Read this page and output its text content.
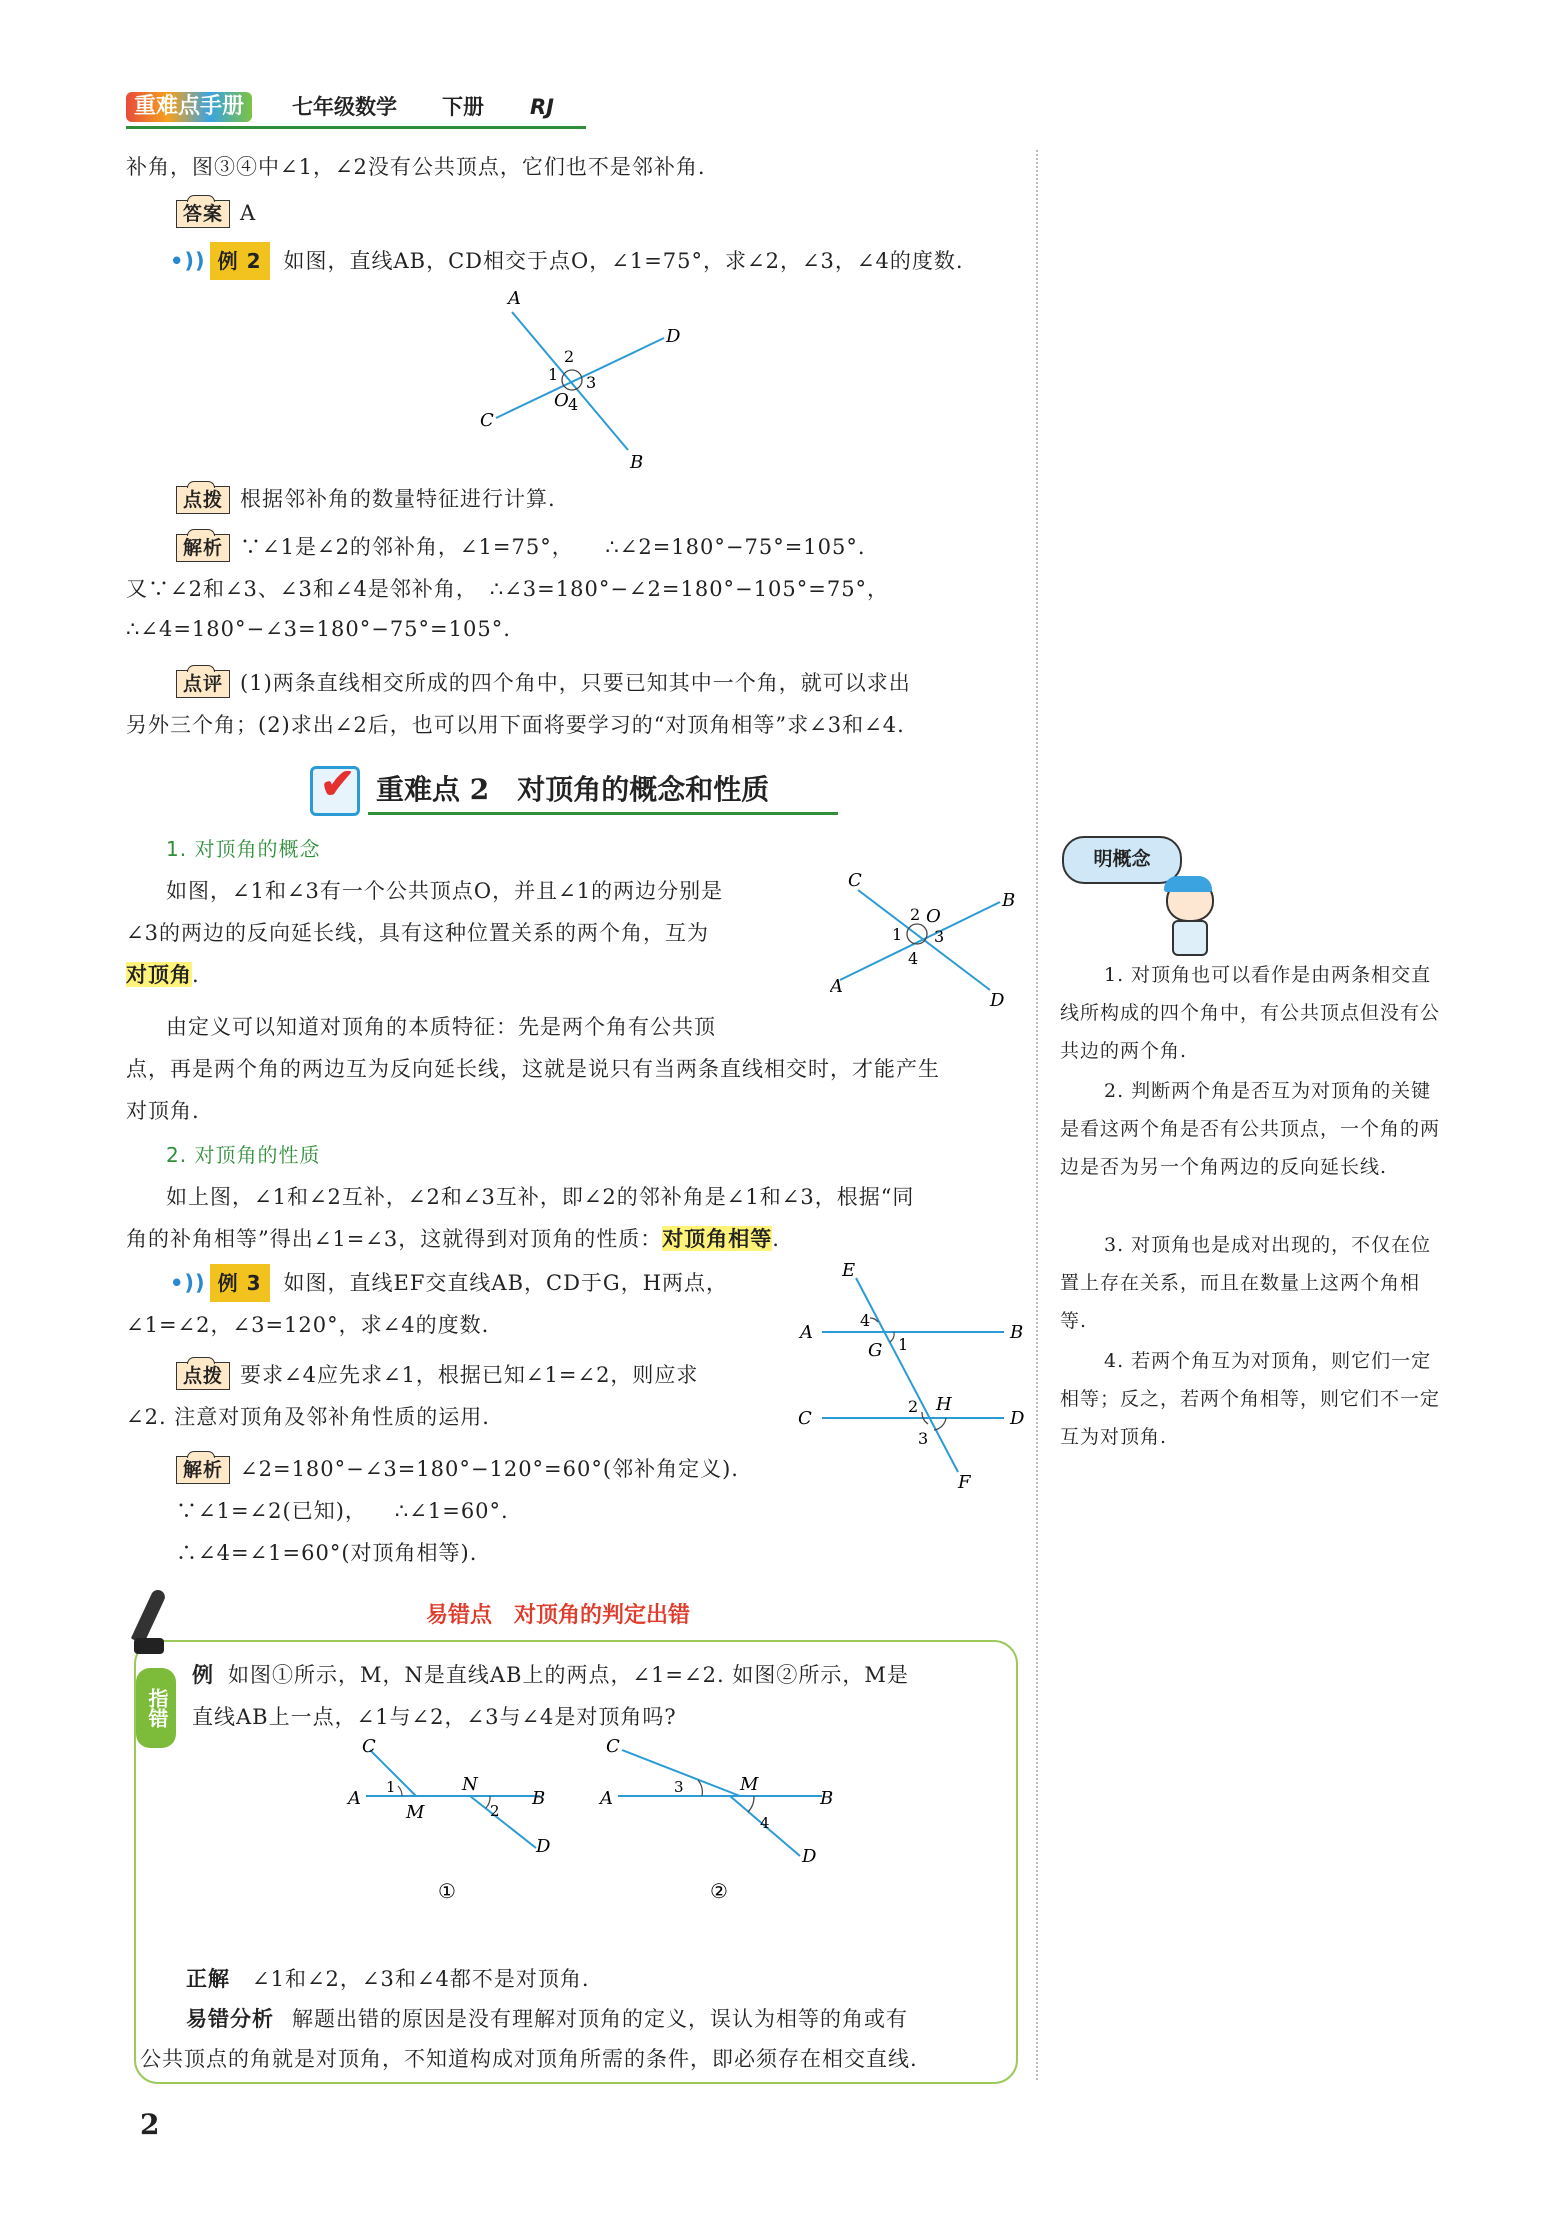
重难点手册	七年级数学 下册 RJ
补角，图③④中∠1，∠2没有公共顶点，它们也不是邻补角.
答案 A
•)) 例 2 如图，直线AB，CD相交于点O，∠1=75°，求∠2，∠3，∠4的度数.
A
D
C
B
1
2
3
O 4
点拨 根据邻补角的数量特征进行计算.
解析 ∵∠1是∠2的邻补角，∠1=75°， ∴∠2=180°−75°=105°.
又∵∠2和∠3、∠3和∠4是邻补角， ∴∠3=180°−∠2=180°−105°=75°，
∴∠4=180°−∠3=180°−75°=105°.
点评 (1)两条直线相交所成的四个角中，只要已知其中一个角，就可以求出
另外三个角；(2)求出∠2后，也可以用下面将要学习的“对顶角相等”求∠3和∠4.
✔ 重难点 2　对顶角的概念和性质
1. 对顶角的概念
如图，∠1和∠3有一个公共顶点O，并且∠1的两边分别是
∠3的两边的反向延长线，具有这种位置关系的两个角，互为
对顶角.
C
B
A
D
1
2 O
3
4
由定义可以知道对顶角的本质特征：先是两个角有公共顶
点，再是两个角的两边互为反向延长线，这就是说只有当两条直线相交时，才能产生
对顶角.
2. 对顶角的性质
如上图，∠1和∠2互补，∠2和∠3互补，即∠2的邻补角是∠1和∠3，根据“同
角的补角相等”得出∠1=∠3，这就得到对顶角的性质：对顶角相等.
•)) 例 3 如图，直线EF交直线AB，CD于G，H两点，
∠1=∠2，∠3=120°，求∠4的度数.
点拨 要求∠4应先求∠1，根据已知∠1=∠2，则应求
∠2. 注意对顶角及邻补角性质的运用.
E
A	B
4
1
G
C	D
2 H
3
F
解析 ∠2=180°−∠3=180°−120°=60°(邻补角定义).
∵∠1=∠2(已知)， ∴∠1=60°.
∴∠4=∠1=60°(对顶角相等).
易错点　对顶角的判定出错
指错
例 如图①所示，M，N是直线AB上的两点，∠1=∠2. 如图②所示，M是
直线AB上一点，∠1与∠2，∠3与∠4是对顶角吗?
C
A
1
M
N
2
B
D
①
C
A
3	M
B
4
D
②
正解 ∠1和∠2，∠3和∠4都不是对顶角.
易错分析 解题出错的原因是没有理解对顶角的定义，误认为相等的角或有
公共顶点的角就是对顶角，不知道构成对顶角所需的条件，即必须存在相交直线.
明概念
1. 对顶角也可以看作是由两条相交直线所构成的四个角中，有公共顶点但没有公共边的两个角.
2. 判断两个角是否互为对顶角的关键是看这两个角是否有公共顶点，一个角的两边是否为另一个角两边的反向延长线.
3. 对顶角也是成对出现的，不仅在位置上存在关系，而且在数量上这两个角相等.
4. 若两个角互为对顶角，则它们一定相等；反之，若两个角相等，则它们不一定互为对顶角.
2
